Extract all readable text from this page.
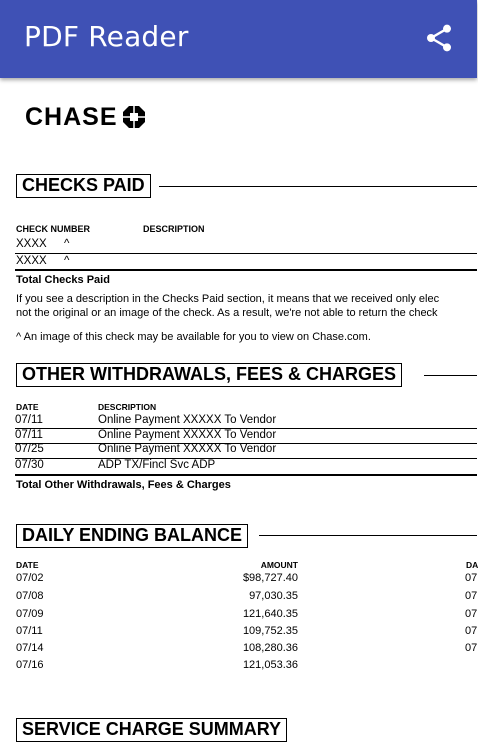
PDF Reader
CHASE
CHECKS PAID
CHECK NUMBER	DESCRIPTION
XXXX ^
XXXX ^
Total Checks Paid
If you see a description in the Checks Paid section, it means that we received only elec
not the original or an image of the check. As a result, we're not able to return the check
^ An image of this check may be available for you to view on Chase.com.
OTHER WITHDRAWALS, FEES & CHARGES
DATE	DESCRIPTION
07/11	Online Payment XXXXX To Vendor
07/11	Online Payment XXXXX To Vendor
07/25	Online Payment XXXXX To Vendor
07/30	ADP TX/Fincl Svc ADP
Total Other Withdrawals, Fees & Charges
DAILY ENDING BALANCE
DATE	AMOUNT	DA
07/02	$98,727.40	07
07/08	97,030.35	07
07/09	121,640.35	07
07/11	109,752.35	07
07/14	108,280.36	07
07/16	121,053.36
SERVICE CHARGE SUMMARY
